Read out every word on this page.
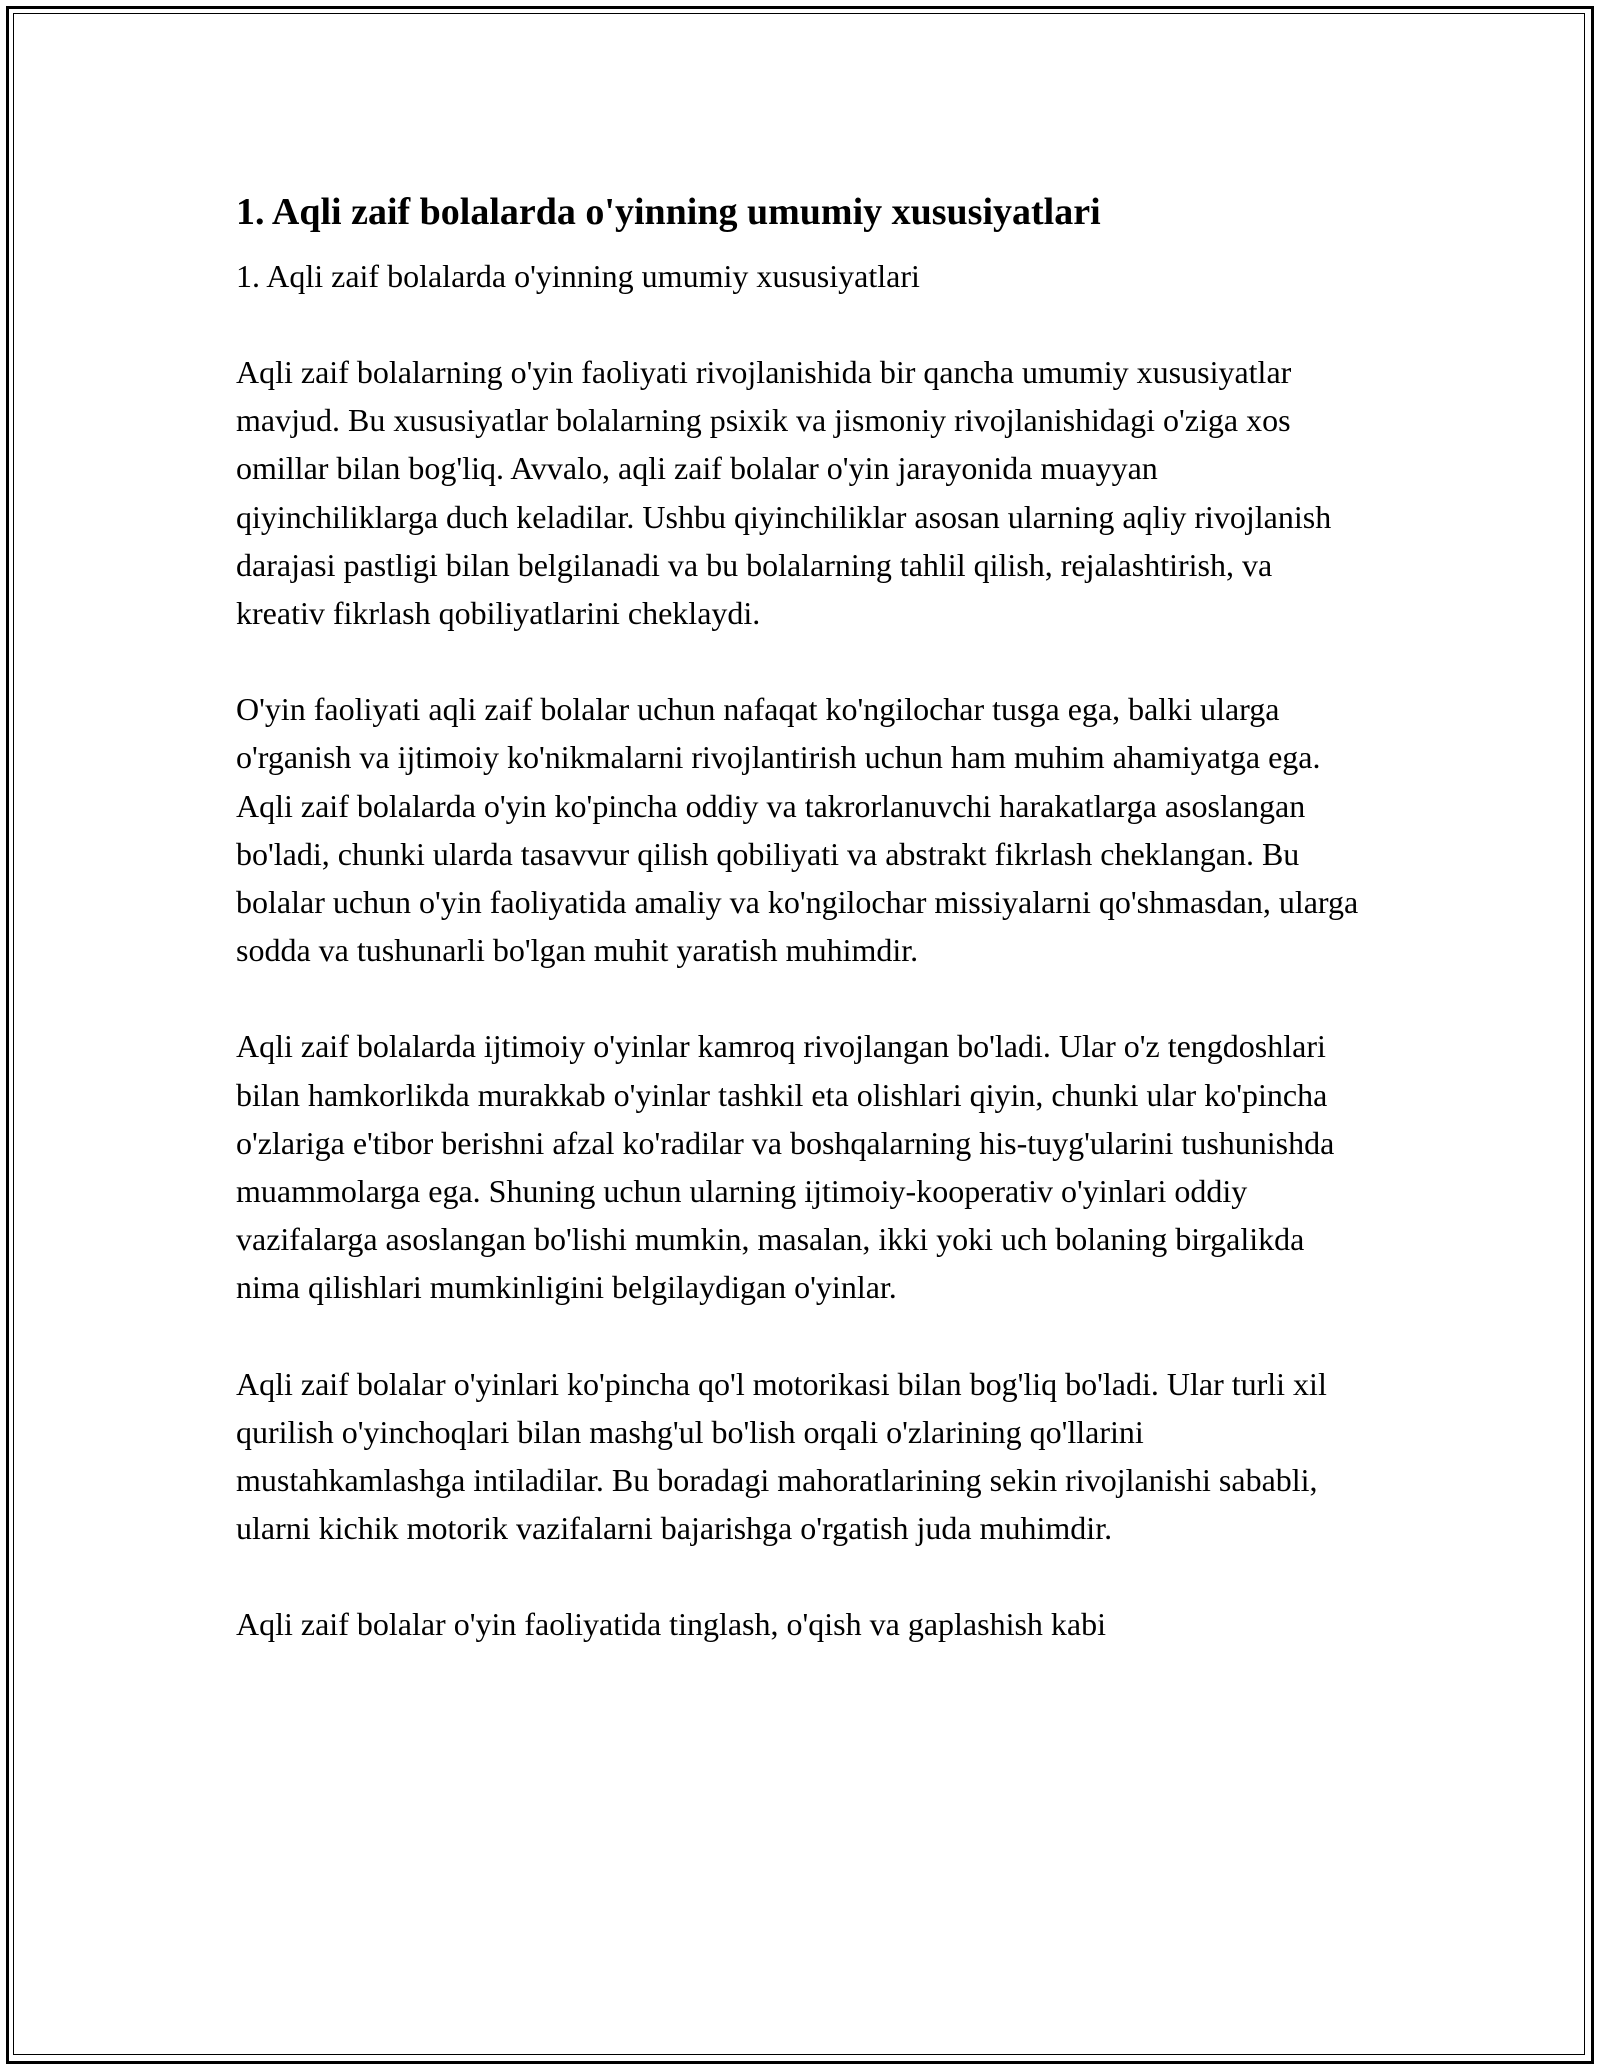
1. Aqli zaif bolalarda o'yinning umumiy xususiyatlari

1. Aqli zaif bolalarda o'yinning umumiy xususiyatlari

Aqli zaif bolalarning o'yin faoliyati rivojlanishida bir qancha umumiy xususiyatlar mavjud. Bu xususiyatlar bolalarning psixik va jismoniy rivojlanishidagi o'ziga xos omillar bilan bog'liq. Avvalo, aqli zaif bolalar o'yin jarayonida muayyan qiyinchiliklarga duch keladilar. Ushbu qiyinchiliklar asosan ularning aqliy rivojlanish darajasi pastligi bilan belgilanadi va bu bolalarning tahlil qilish, rejalashtirish, va kreativ fikrlash qobiliyatlarini cheklaydi.

O'yin faoliyati aqli zaif bolalar uchun nafaqat ko'ngilochar tusga ega, balki ularga o'rganish va ijtimoiy ko'nikmalarni rivojlantirish uchun ham muhim ahamiyatga ega. Aqli zaif bolalarda o'yin ko'pincha oddiy va takrorlanuvchi harakatlarga asoslangan bo'ladi, chunki ularda tasavvur qilish qobiliyati va abstrakt fikrlash cheklangan. Bu bolalar uchun o'yin faoliyatida amaliy va ko'ngilochar missiyalarni qo'shmasdan, ularga sodda va tushunarli bo'lgan muhit yaratish muhimdir.

Aqli zaif bolalarda ijtimoiy o'yinlar kamroq rivojlangan bo'ladi. Ular o'z tengdoshlari bilan hamkorlikda murakkab o'yinlar tashkil eta olishlari qiyin, chunki ular ko'pincha o'zlariga e'tibor berishni afzal ko'radilar va boshqalarning his-tuyg'ularini tushunishda muammolarga ega. Shuning uchun ularning ijtimoiy-kooperativ o'yinlari oddiy vazifalarga asoslangan bo'lishi mumkin, masalan, ikki yoki uch bolaning birgalikda nima qilishlari mumkinligini belgilaydigan o'yinlar.

Aqli zaif bolalar o'yinlari ko'pincha qo'l motorikasi bilan bog'liq bo'ladi. Ular turli xil qurilish o'yinchoqlari bilan mashg'ul bo'lish orqali o'zlarining qo'llarini mustahkamlashga intiladilar. Bu boradagi mahoratlarining sekin rivojlanishi sababli, ularni kichik motorik vazifalarni bajarishga o'rgatish juda muhimdir.

Aqli zaif bolalar o'yin faoliyatida tinglash, o'qish va gaplashish kabi
